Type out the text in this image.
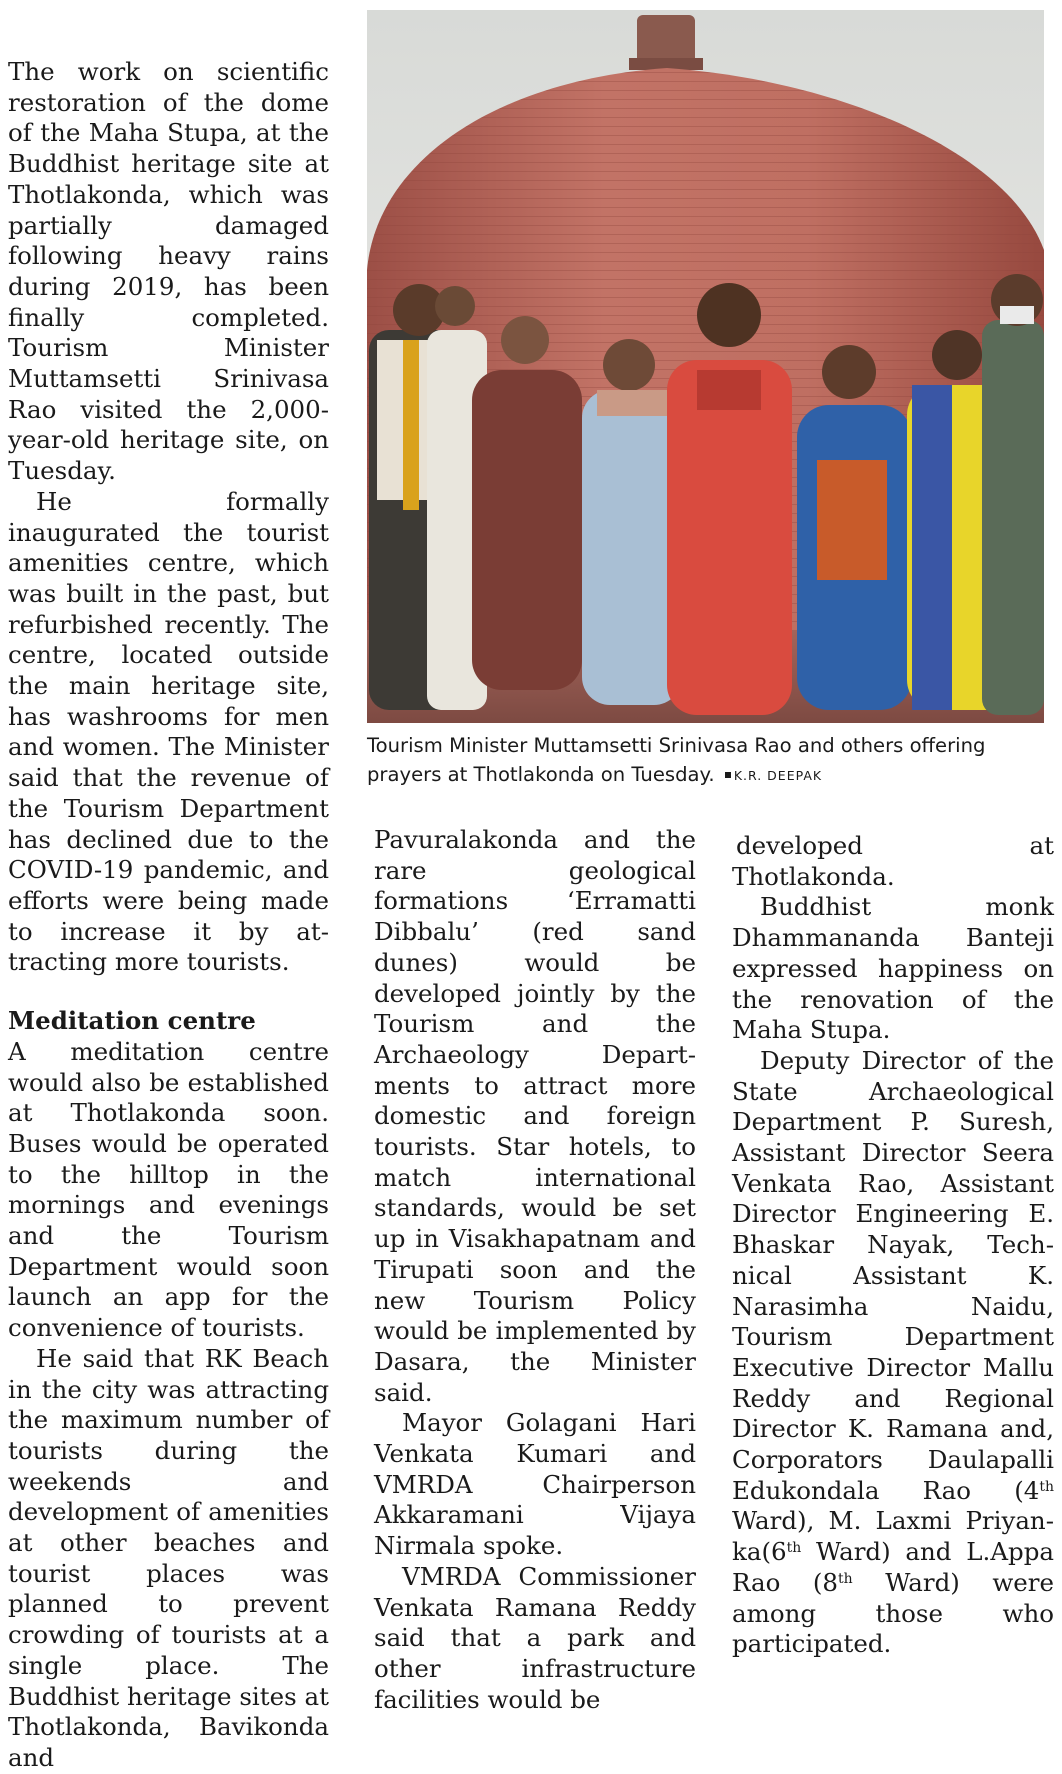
The work on scientific restoration of the dome of the Maha Stupa, at the Buddhist heritage site at Thotlakonda, which was partially damaged following heavy rains during 2019, has been finally completed. Tourism Minister Muttamsetti Srinivasa Rao visited the 2,000-year-old heritage site, on Tuesday.

He formally inaugurated the tourist amenities centre, which was built in the past, but refurbished recently. The centre, located outside the main heritage site, has washrooms for men and women. The Minister said that the revenue of the Tourism Department has declined due to the COVID-19 pandemic, and efforts were being made to increase it by attracting more tourists.

Meditation centre

A meditation centre would also be established at Thotlakonda soon. Buses would be operated to the hilltop in the mornings and evenings and the Tourism Department would soon launch an app for the convenience of tourists.

He said that RK Beach in the city was attracting the maximum number of tourists during the weekends and development of amenities at other beaches and tourist places was planned to prevent crowding of tourists at a single place. The Buddhist heritage sites at Thotlakonda, Bavikonda and

Tourism Minister Muttamsetti Srinivasa Rao and others offering prayers at Thotlakonda on Tuesday. K.R. DEEPAK

Pavuralakonda and the rare geological formations ‘Erramatti Dibbalu’ (red sand dunes) would be developed jointly by the Tourism and the Archaeology Departments to attract more domestic and foreign tourists. Star hotels, to match international standards, would be set up in Visakhapatnam and Tirupati soon and the new Tourism Policy would be implemented by Dasara, the Minister said.

Mayor Golagani Hari Venkata Kumari and VMRDA Chairperson Akkaramani Vijaya Nirmala spoke.

VMRDA Commissioner Venkata Ramana Reddy said that a park and other infrastructure facilities would be

developed at Thotlakonda.

Buddhist monk Dhammananda Banteji expressed happiness on the renovation of the Maha Stupa.

Deputy Director of the State Archaeological Department P. Suresh, Assistant Director Seera Venkata Rao, Assistant Director Engineering E. Bhaskar Nayak, Technical Assistant K. Narasimha Naidu, Tourism Department Executive Director Mallu Reddy and Regional Director K. Ramana and, Corporators Daulapalli Edukondala Rao (4th Ward), M. Laxmi Priyanka(6th Ward) and L.Appa Rao (8th Ward) were among those who participated.
